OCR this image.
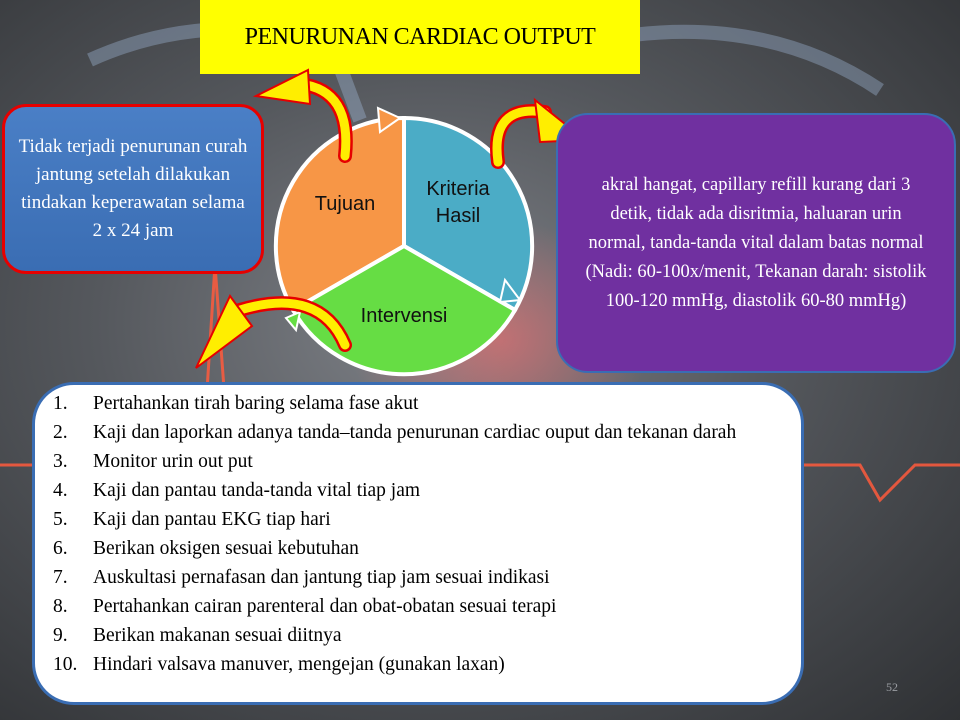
PENURUNAN CARDIAC OUTPUT
Tujuan
Kriteria
Hasil
Intervensi
Tidak terjadi penurunan curah jantung setelah dilakukan tindakan keperawatan selama 2 x 24 jam
akral hangat, capillary refill kurang dari 3 detik, tidak ada disritmia, haluaran urin normal, tanda-tanda vital dalam batas normal (Nadi: 60-100x/menit, Tekanan darah: sistolik 100-120 mmHg, diastolik 60-80 mmHg)
1.	Pertahankan tirah baring selama fase akut
2.	Kaji dan laporkan adanya tanda–tanda penurunan cardiac ouput dan tekanan darah
3.	Monitor urin out put
4.	Kaji dan pantau tanda-tanda vital tiap jam
5.	Kaji dan pantau EKG tiap hari
6.	Berikan oksigen sesuai kebutuhan
7.	Auskultasi pernafasan dan jantung tiap jam sesuai indikasi
8.	Pertahankan cairan parenteral dan obat-obatan sesuai terapi
9.	Berikan makanan sesuai diitnya
10. Hindari valsava manuver, mengejan (gunakan laxan)
52
